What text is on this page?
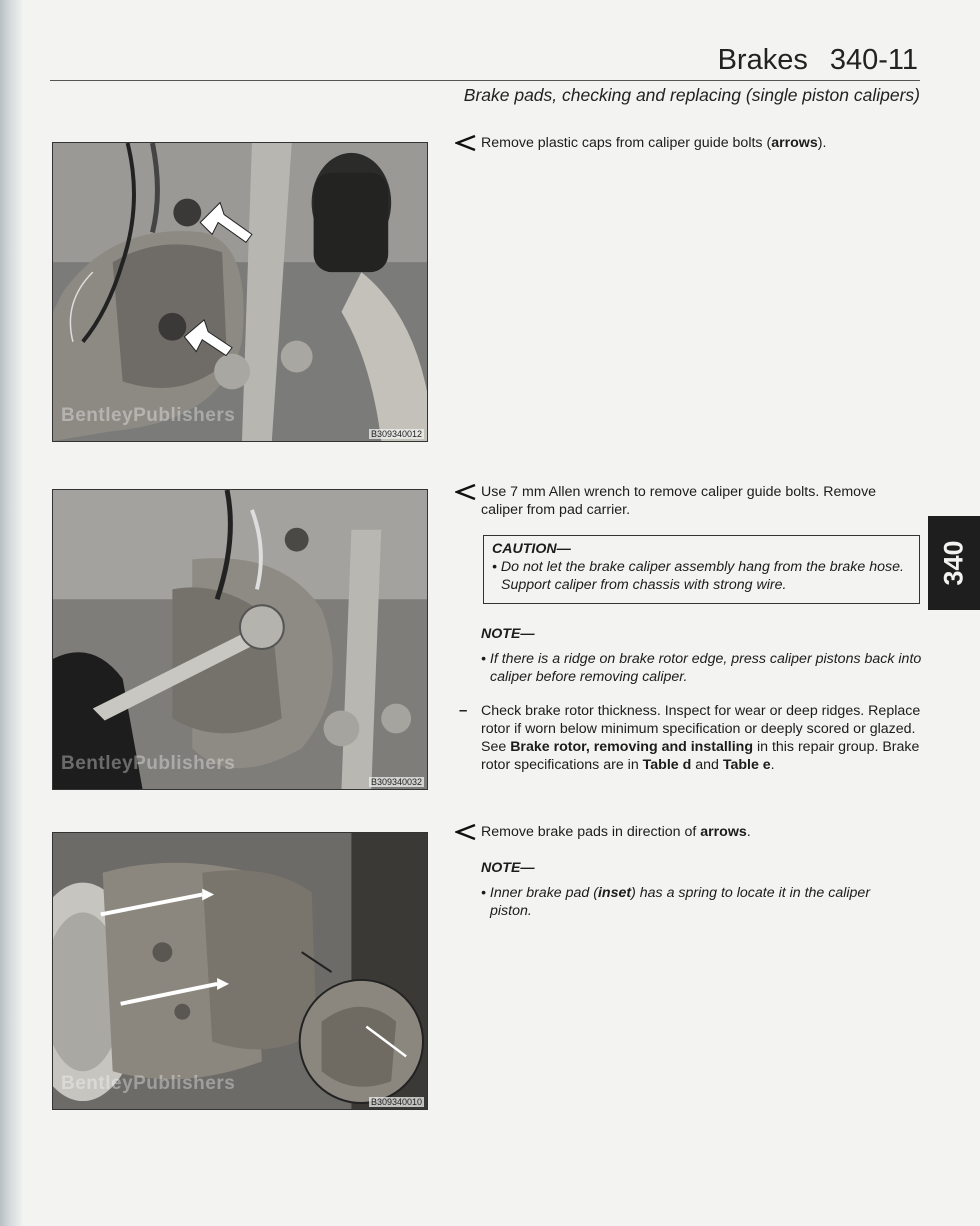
Brakes 340-11
Brake pads, checking and replacing (single piston calipers)
BentleyPublishers
B309340012
BentleyPublishers
B309340032
BentleyPublishers
B309340010
Remove plastic caps from caliper guide bolts (arrows).
Use 7 mm Allen wrench to remove caliper guide bolts. Remove caliper from pad carrier.
CAUTION—
• Do not let the brake caliper assembly hang from the brake hose. Support caliper from chassis with strong wire.
NOTE—
• If there is a ridge on brake rotor edge, press caliper pistons back into caliper before removing caliper.
– Check brake rotor thickness. Inspect for wear or deep ridges. Replace rotor if worn below minimum specification or deeply scored or glazed. See Brake rotor, removing and installing in this repair group. Brake rotor specifications are in Table d and Table e.
Remove brake pads in direction of arrows.
NOTE—
• Inner brake pad (inset) has a spring to locate it in the caliper piston.
340
